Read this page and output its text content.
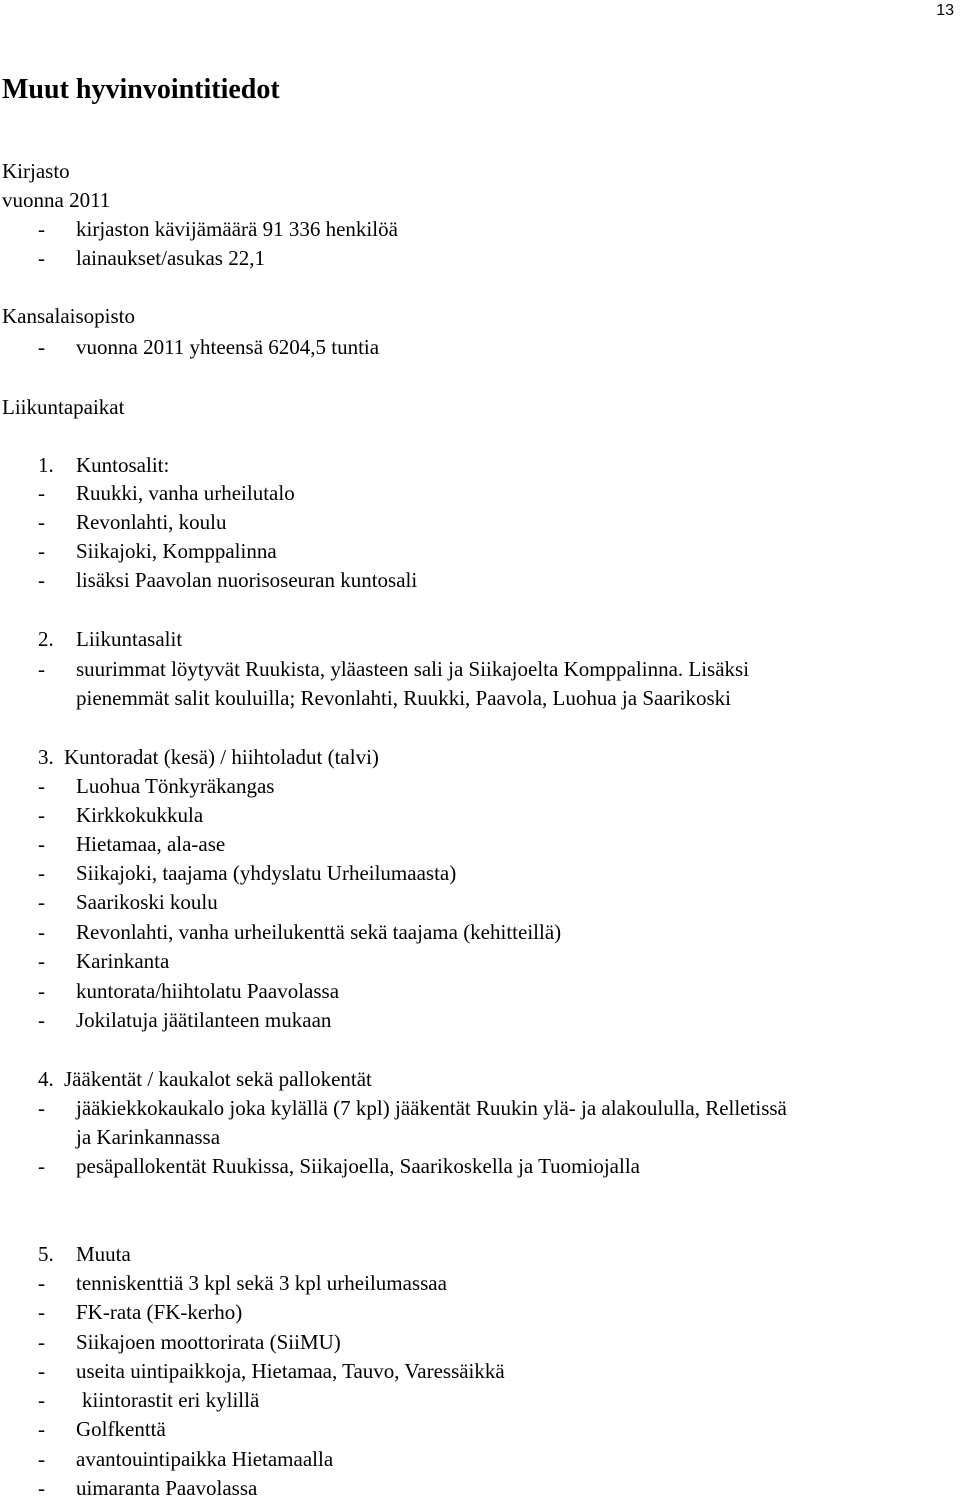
13
Muut hyvinvointitiedot
Kirjasto
vuonna 2011
- kirjaston kävijämäärä 91 336 henkilöä
- lainaukset/asukas 22,1
Kansalaisopisto
- vuonna 2011 yhteensä 6204,5 tuntia
Liikuntapaikat
1. Kuntosalit:
- Ruukki, vanha urheilutalo
- Revonlahti, koulu
- Siikajoki, Komppalinna
- lisäksi Paavolan nuorisoseuran kuntosali
2. Liikuntasalit
- suurimmat löytyvät Ruukista, yläasteen sali ja Siikajoelta Komppalinna. Lisäksi
pienemmät salit kouluilla; Revonlahti, Ruukki, Paavola, Luohua ja Saarikoski
3. Kuntoradat (kesä) / hiihtoladut (talvi)
- Luohua Tönkyräkangas
- Kirkkokukkula
- Hietamaa, ala-ase
- Siikajoki, taajama (yhdyslatu Urheilumaasta)
- Saarikoski koulu
- Revonlahti, vanha urheilukenttä sekä taajama (kehitteillä)
- Karinkanta
- kuntorata/hiihtolatu Paavolassa
- Jokilatuja jäätilanteen mukaan
4. Jääkentät / kaukalot sekä pallokentät
- jääkiekkokaukalo joka kylällä (7 kpl) jääkentät Ruukin ylä- ja alakoululla, Relletissä
ja Karinkannassa
- pesäpallokentät Ruukissa, Siikajoella, Saarikoskella ja Tuomiojalla
5. Muuta
- tenniskenttiä 3 kpl sekä 3 kpl urheilumassaa
- FK-rata (FK-kerho)
- Siikajoen moottorirata (SiiMU)
- useita uintipaikkoja, Hietamaa, Tauvo, Varessäikkä
- kiintorastit eri kylillä
- Golfkenttä
- avantouintipaikka Hietamaalla
- uimaranta Paavolassa
